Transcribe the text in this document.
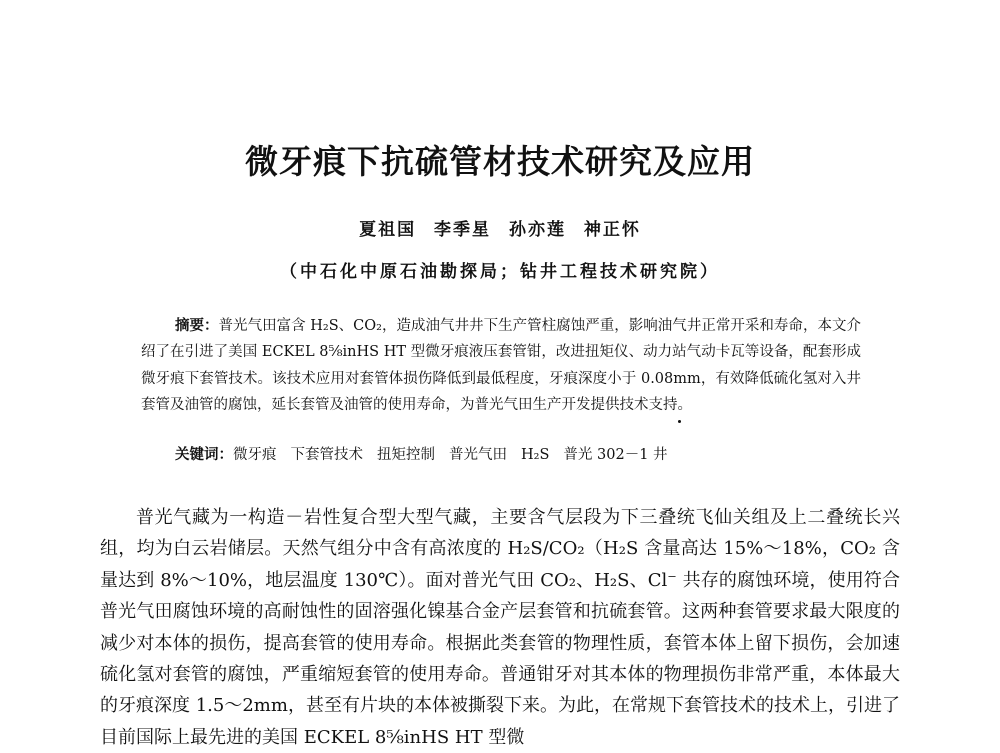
微牙痕下抗硫管材技术研究及应用

夏祖国 李季星 孙亦莲 神正怀

（中石化中原石油勘探局；钻井工程技术研究院）

摘要：普光气田富含 H₂S、CO₂，造成油气井井下生产管柱腐蚀严重，影响油气井正常开采和寿命，本文介绍了在引进了美国 ECKEL 8⅝inHS HT 型微牙痕液压套管钳，改进扭矩仪、动力站气动卡瓦等设备，配套形成微牙痕下套管技术。该技术应用对套管体损伤降低到最低程度，牙痕深度小于 0.08mm，有效降低硫化氢对入井套管及油管的腐蚀，延长套管及油管的使用寿命，为普光气田生产开发提供技术支持。

关键词：微牙痕 下套管技术 扭矩控制 普光气田 H₂S 普光 302－1 井

普光气藏为一构造－岩性复合型大型气藏，主要含气层段为下三叠统飞仙关组及上二叠统长兴组，均为白云岩储层。天然气组分中含有高浓度的 H₂S/CO₂（H₂S 含量高达 15%～18%，CO₂ 含量达到 8%～10%，地层温度 130℃）。面对普光气田 CO₂、H₂S、Cl⁻ 共存的腐蚀环境，使用符合普光气田腐蚀环境的高耐蚀性的固溶强化镍基合金产层套管和抗硫套管。这两种套管要求最大限度的减少对本体的损伤，提高套管的使用寿命。根据此类套管的物理性质，套管本体上留下损伤，会加速硫化氢对套管的腐蚀，严重缩短套管的使用寿命。普通钳牙对其本体的物理损伤非常严重，本体最大的牙痕深度 1.5～2mm，甚至有片块的本体被撕裂下来。为此，在常规下套管技术的技术上，引进了目前国际上最先进的美国 ECKEL 8⅝inHS HT 型微
